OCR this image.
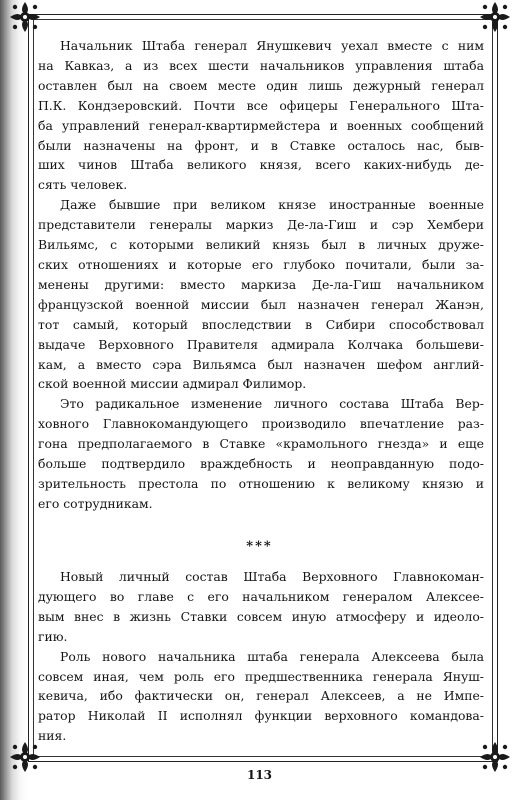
Начальник Штаба генерал Янушкевич уехал вместе с ним
на Кавказ, а из всех шести начальников управления штаба
оставлен был на своем месте один лишь дежурный генерал
П.К. Кондзеровский. Почти все офицеры Генерального Шта-
ба управлений генерал-квартирмейстера и военных сообщений
были назначены на фронт, и в Ставке осталось нас, быв-
ших чинов Штаба великого князя, всего каких-нибудь де-
сять человек.
Даже бывшие при великом князе иностранные военные
представители генералы маркиз Де-ла-Гиш и сэр Хембери
Вильямс, с которыми великий князь был в личных друже-
ских отношениях и которые его глубоко почитали, были за-
менены другими: вместо маркиза Де-ла-Гиш начальником
французской военной миссии был назначен генерал Жанэн,
тот самый, который впоследствии в Сибири способствовал
выдаче Верховного Правителя адмирала Колчака большеви-
кам, а вместо сэра Вильямса был назначен шефом англий-
ской военной миссии адмирал Филимор.
Это радикальное изменение личного состава Штаба Вер-
ховного Главнокомандующего производило впечатление раз-
гона предполагаемого в Ставке «крамольного гнезда» и еще
больше подтвердило враждебность и неоправданную подо-
зрительность престола по отношению к великому князю и
его сотрудникам.
***
Новый личный состав Штаба Верховного Главнокоман-
дующего во главе с его начальником генералом Алексее-
вым внес в жизнь Ставки совсем иную атмосферу и идеоло-
гию.
Роль нового начальника штаба генерала Алексеева была
совсем иная, чем роль его предшественника генерала Януш-
кевича, ибо фактически он, генерал Алексеев, а не Импе-
ратор Николай II исполнял функции верховного командова-
ния.
113
